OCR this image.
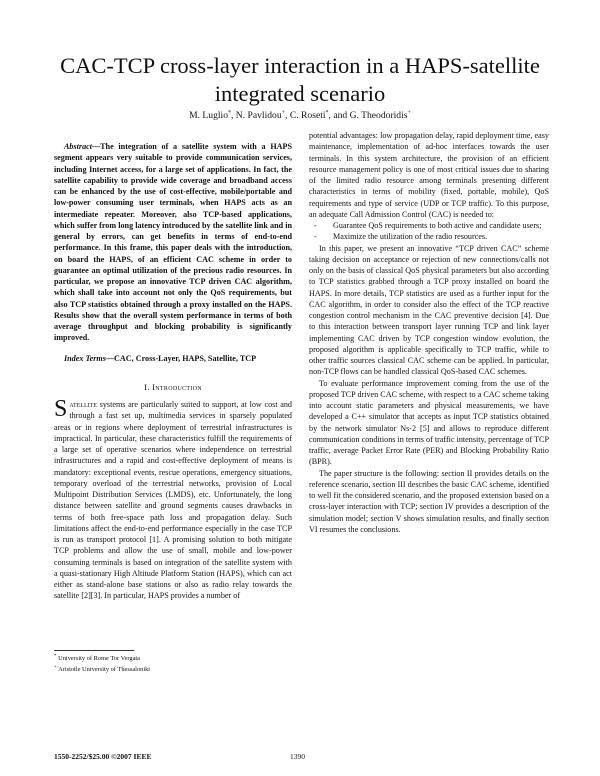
CAC-TCP cross-layer interaction in a HAPS-satellite integrated scenario
M. Luglio*, N. Pavlidou+, C. Roseti*, and G. Theodoridis+

Abstract—The integration of a satellite system with a HAPS segment appears very suitable to provide communication services, including Internet access, for a large set of applications. In fact, the satellite capability to provide wide coverage and broadband access can be enhanced by the use of cost-effective, mobile/portable and low-power consuming user terminals, when HAPS acts as an intermediate repeater. Moreover, also TCP-based applications, which suffer from long latency introduced by the satellite link and in general by errors, can get benefits in terms of end-to-end performance. In this frame, this paper deals with the introduction, on board the HAPS, of an efficient CAC scheme in order to guarantee an optimal utilization of the precious radio resources. In particular, we propose an innovative TCP driven CAC algorithm, which shall take into account not only the QoS requirements, but also TCP statistics obtained through a proxy installed on the HAPS. Results show that the overall system performance in terms of both average throughput and blocking probability is significantly improved.

Index Terms—CAC, Cross-Layer, HAPS, Satellite, TCP

I. Introduction

Satellite systems are particularly suited to support, at low cost and through a fast set up, multimedia services in sparsely populated areas or in regions where deployment of terrestrial infrastructures is impractical. In particular, these characteristics fulfill the requirements of a large set of operative scenarios where independence on terrestrial infrastructures and a rapid and cost-effective deployment of means is mandatory: exceptional events, rescue operations, emergency situations, temporary overload of the terrestrial networks, provision of Local Multipoint Distribution Services (LMDS), etc. Unfortunately, the long distance between satellite and ground segments causes drawbacks in terms of both free-space path loss and propagation delay. Such limitations affect the end-to-end performance especially in the case TCP is run as transport protocol [1]. A promising solution to both mitigate TCP problems and allow the use of small, mobile and low-power consuming terminals is based on integration of the satellite system with a quasi-stationary High Altitude Platform Station (HAPS), which can act either as stand-alone base stations or also as radio relay towards the satellite [2][3]. In particular, HAPS provides a number of

potential advantages: low propagation delay, rapid deployment time, easy maintenance, implementation of ad-hoc interfaces towards the user terminals. In this system architecture, the provision of an efficient resource management policy is one of most critical issues due to sharing of the limited radio resource among terminals presenting different characteristics in terms of mobility (fixed, portable, mobile), QoS requirements and type of service (UDP or TCP traffic). To this purpose, an adequate Call Admission Control (CAC) is needed to:

- Guarantee QoS requirements to both active and candidate users;
- Maximize the utilization of the radio resources.

In this paper, we present an innovative “TCP driven CAC” scheme taking decision on acceptance or rejection of new connections/calls not only on the basis of classical QoS physical parameters but also according to TCP statistics grabbed through a TCP proxy installed on board the HAPS. In more details, TCP statistics are used as a further input for the CAC algorithm, in order to consider also the effect of the TCP reactive congestion control mechanism in the CAC preventive decision [4]. Due to this interaction between transport layer running TCP and link layer implementing CAC driven by TCP congestion window evolution, the proposed algorithm is applicable specifically to TCP traffic, while to other traffic sources classical CAC scheme can be applied. In particular, non-TCP flows can be handled classical QoS-based CAC schemes.

To evaluate performance improvement coming from the use of the proposed TCP driven CAC scheme, with respect to a CAC scheme taking into account static parameters and physical measurements, we have developed a C++ simulator that accepts as input TCP statistics obtained by the network simulator Ns-2 [5] and allows to reproduce different communication conditions in terms of traffic intensity, percentage of TCP traffic, average Packet Error Rate (PER) and Blocking Probability Ratio (BPR).

The paper structure is the following: section II provides details on the reference scenario, section III describes the basic CAC scheme, identified to well fit the considered scenario, and the proposed extension based on a cross-layer interaction with TCP; section IV provides a description of the simulation model; section V shows simulation results, and finally section VI resumes the conclusions.

* University of Rome Tor Vergata
+ Aristotle University of Thessaloniki
1550-2252/$25.00 ©2007 IEEE	1390
